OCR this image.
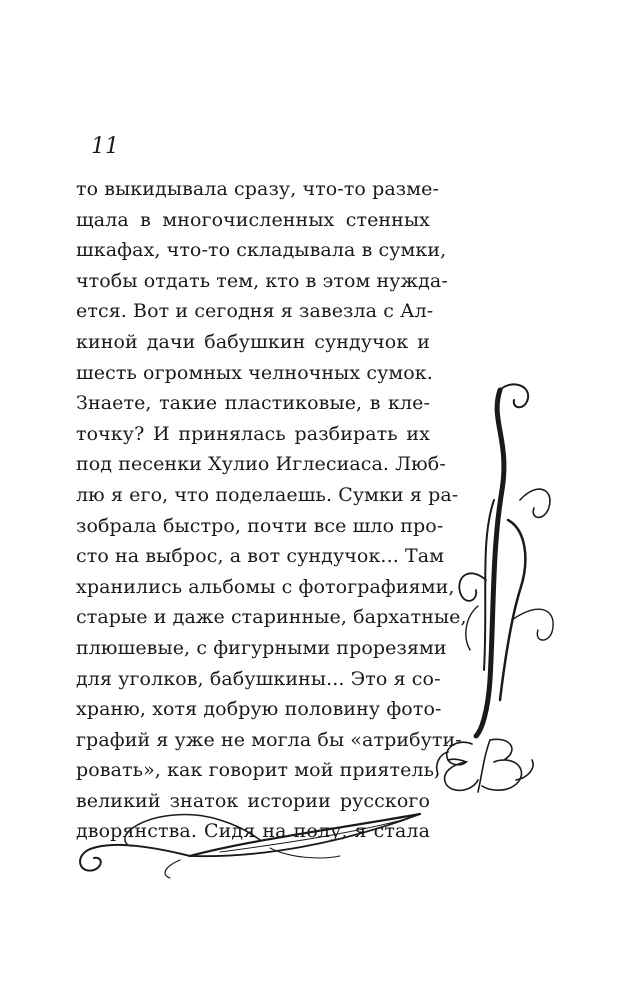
11
то выкидывала сразу, что-то разме-
щала в многочисленных стенных
шкафах, что-то складывала в сумки,
чтобы отдать тем, кто в этом нужда-
ется. Вот и сегодня я завезла с Ал-
киной дачи бабушкин сундучок и
шесть огромных челночных сумок.
Знаете, такие пластиковые, в кле-
точку? И принялась разбирать их
под песенки Хулио Иглесиаса. Люб-
лю я его, что поделаешь. Сумки я ра-
зобрала быстро, почти все шло про-
сто на выброс, а вот сундучок... Там
хранились альбомы с фотографиями,
старые и даже старинные, бархатные,
плюшевые, с фигурными прорезями
для уголков, бабушкины... Это я со-
храню, хотя добрую половину фото-
графий я уже не могла бы «атрибути-
ровать», как говорит мой приятель,
великий знаток истории русского
дворянства. Сидя на полу, я стала
